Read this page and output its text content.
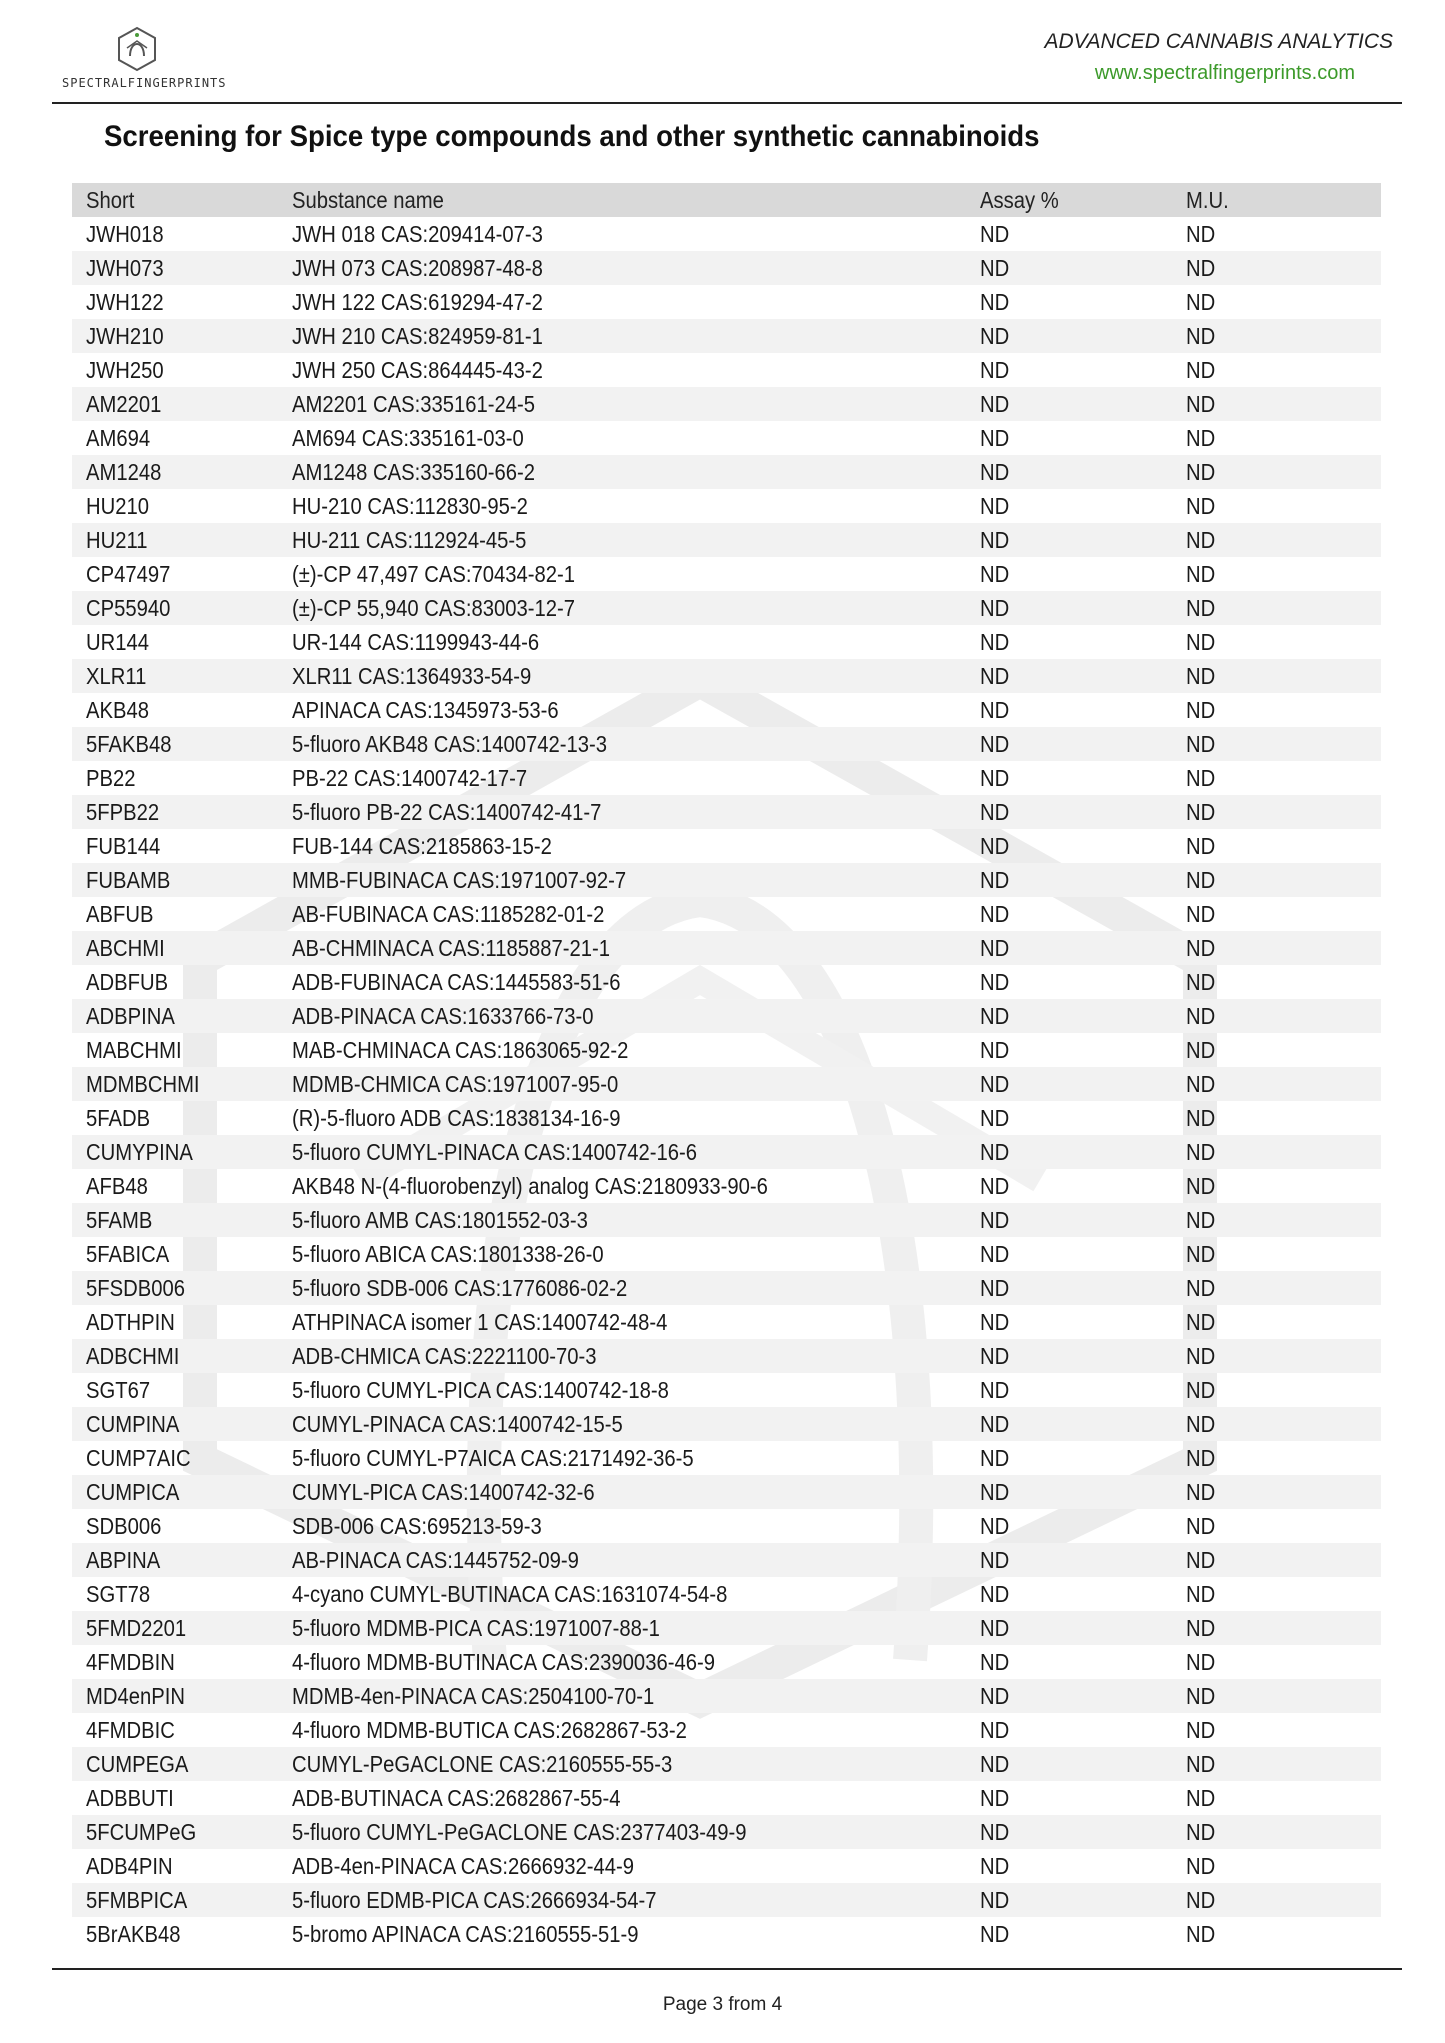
SPECTRALFINGERPRINTS
ADVANCED CANNABIS ANALYTICS
www.spectralfingerprints.com
Screening for Spice type compounds and other synthetic cannabinoids
Short	Substance name	Assay %	M.U.
JWH018	JWH 018 CAS:209414-07-3	ND	ND
JWH073	JWH 073 CAS:208987-48-8	ND	ND
JWH122	JWH 122 CAS:619294-47-2	ND	ND
JWH210	JWH 210 CAS:824959-81-1	ND	ND
JWH250	JWH 250 CAS:864445-43-2	ND	ND
AM2201	AM2201 CAS:335161-24-5	ND	ND
AM694	AM694 CAS:335161-03-0	ND	ND
AM1248	AM1248 CAS:335160-66-2	ND	ND
HU210	HU-210 CAS:112830-95-2	ND	ND
HU211	HU-211 CAS:112924-45-5	ND	ND
CP47497	(±)-CP 47,497 CAS:70434-82-1	ND	ND
CP55940	(±)-CP 55,940 CAS:83003-12-7	ND	ND
UR144	UR-144 CAS:1199943-44-6	ND	ND
XLR11	XLR11 CAS:1364933-54-9	ND	ND
AKB48	APINACA CAS:1345973-53-6	ND	ND
5FAKB48	5-fluoro AKB48 CAS:1400742-13-3	ND	ND
PB22	PB-22 CAS:1400742-17-7	ND	ND
5FPB22	5-fluoro PB-22 CAS:1400742-41-7	ND	ND
FUB144	FUB-144 CAS:2185863-15-2	ND	ND
FUBAMB	MMB-FUBINACA CAS:1971007-92-7	ND	ND
ABFUB	AB-FUBINACA CAS:1185282-01-2	ND	ND
ABCHMI	AB-CHMINACA CAS:1185887-21-1	ND	ND
ADBFUB	ADB-FUBINACA CAS:1445583-51-6	ND	ND
ADBPINA	ADB-PINACA CAS:1633766-73-0	ND	ND
MABCHMI	MAB-CHMINACA CAS:1863065-92-2	ND	ND
MDMBCHMI	MDMB-CHMICA CAS:1971007-95-0	ND	ND
5FADB	(R)-5-fluoro ADB CAS:1838134-16-9	ND	ND
CUMYPINA	5-fluoro CUMYL-PINACA CAS:1400742-16-6	ND	ND
AFB48	AKB48 N-(4-fluorobenzyl) analog CAS:2180933-90-6	ND	ND
5FAMB	5-fluoro AMB CAS:1801552-03-3	ND	ND
5FABICA	5-fluoro ABICA CAS:1801338-26-0	ND	ND
5FSDB006	5-fluoro SDB-006 CAS:1776086-02-2	ND	ND
ADTHPIN	ATHPINACA isomer 1 CAS:1400742-48-4	ND	ND
ADBCHMI	ADB-CHMICA CAS:2221100-70-3	ND	ND
SGT67	5-fluoro CUMYL-PICA CAS:1400742-18-8	ND	ND
CUMPINA	CUMYL-PINACA CAS:1400742-15-5	ND	ND
CUMP7AIC	5-fluoro CUMYL-P7AICA CAS:2171492-36-5	ND	ND
CUMPICA	CUMYL-PICA CAS:1400742-32-6	ND	ND
SDB006	SDB-006 CAS:695213-59-3	ND	ND
ABPINA	AB-PINACA CAS:1445752-09-9	ND	ND
SGT78	4-cyano CUMYL-BUTINACA CAS:1631074-54-8	ND	ND
5FMD2201	5-fluoro MDMB-PICA CAS:1971007-88-1	ND	ND
4FMDBIN	4-fluoro MDMB-BUTINACA CAS:2390036-46-9	ND	ND
MD4enPIN	MDMB-4en-PINACA CAS:2504100-70-1	ND	ND
4FMDBIC	4-fluoro MDMB-BUTICA CAS:2682867-53-2	ND	ND
CUMPEGA	CUMYL-PeGACLONE CAS:2160555-55-3	ND	ND
ADBBUTI	ADB-BUTINACA CAS:2682867-55-4	ND	ND
5FCUMPeG	5-fluoro CUMYL-PeGACLONE CAS:2377403-49-9	ND	ND
ADB4PIN	ADB-4en-PINACA CAS:2666932-44-9	ND	ND
5FMBPICA	5-fluoro EDMB-PICA CAS:2666934-54-7	ND	ND
5BrAKB48	5-bromo APINACA CAS:2160555-51-9	ND	ND
Page 3 from 4
